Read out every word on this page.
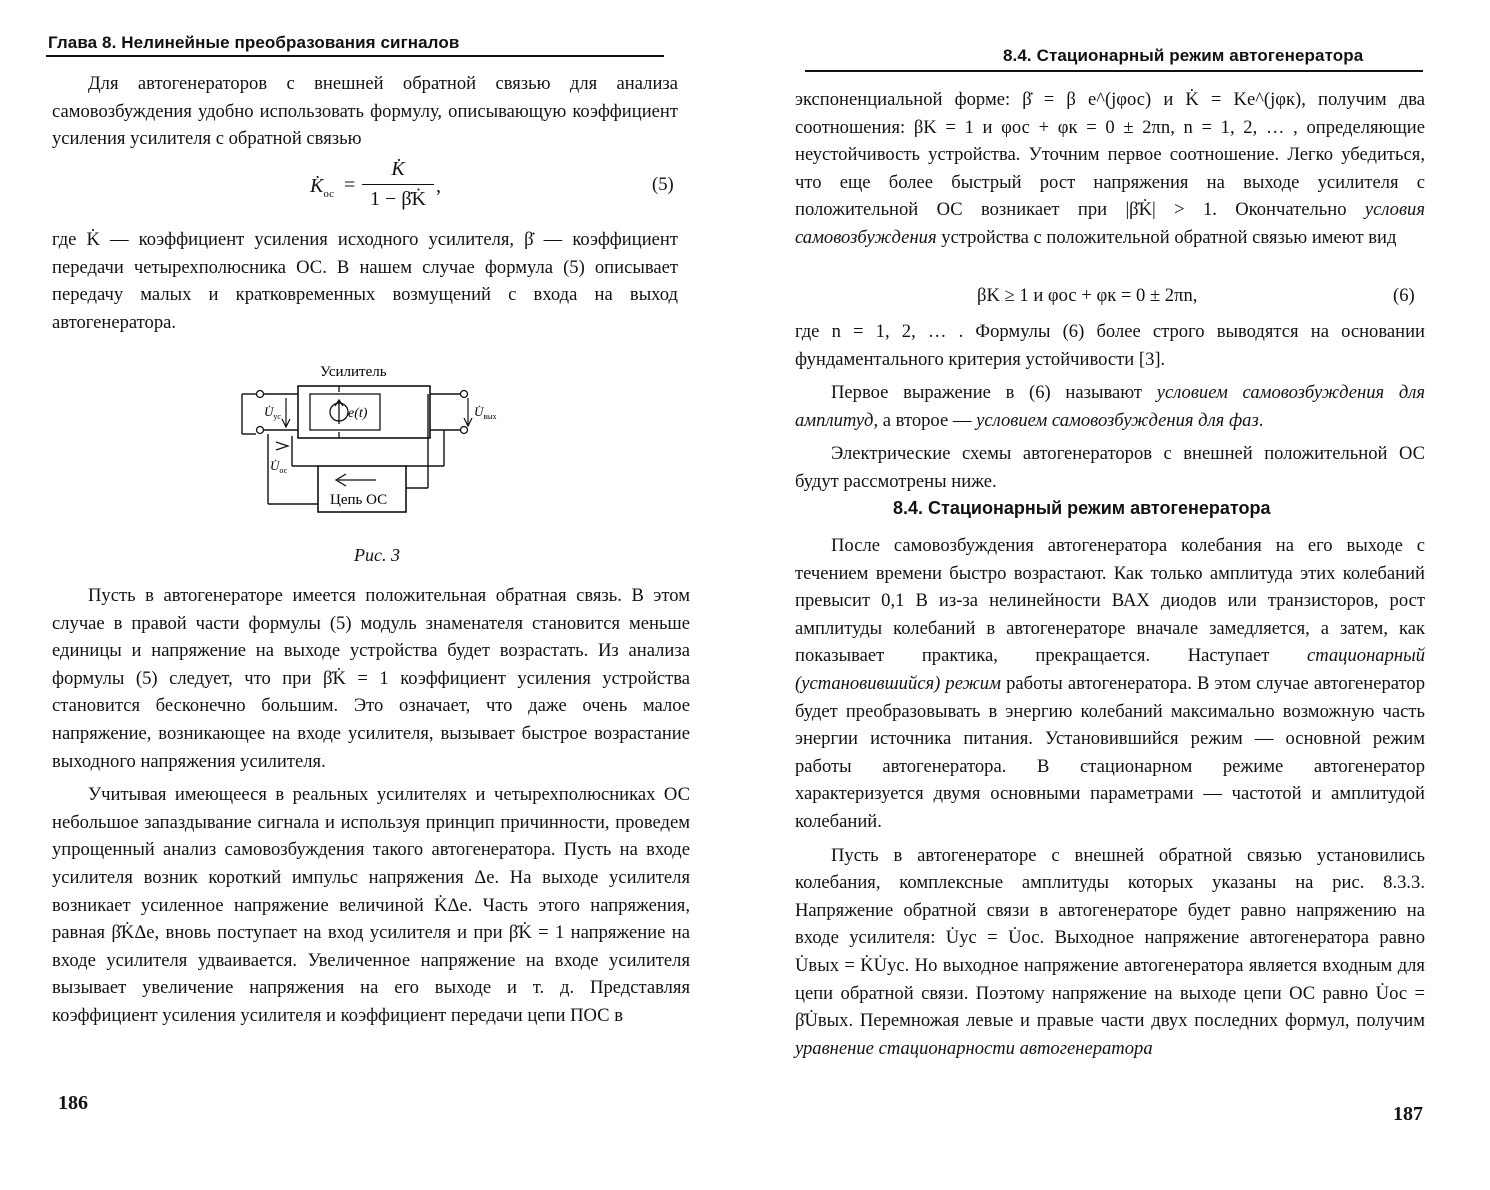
Глава 8. Нелинейные преобразования сигналов

Для автогенераторов с внешней обратной связью для анализа самовозбуждения удобно использовать формулу, описывающую коэффициент усиления усилителя с обратной связью

$K̇_{ос}$ =
K̇
1 − β̇K̇
,	(5)

где K̇ — коэффициент усиления исходного усилителя, β̇ — коэффициент передачи четырехполюсника ОС. В нашем случае формула (5) описывает передачу малых и кратковременных возмущений с входа на выход автогенератора.

Усилитель
e(t)
$U̇_{ус}$
$U̇_{ос}$
Цепь ОС
$U̇_{вых}$
Рис. 3

Пусть в автогенераторе имеется положительная обратная связь. В этом случае в правой части формулы (5) модуль знаменателя становится меньше единицы и напряжение на выходе устройства будет возрастать. Из анализа формулы (5) следует, что при β̇K̇ = 1 коэффициент усиления устройства становится бесконечно большим. Это означает, что даже очень малое напряжение, возникающее на входе усилителя, вызывает быстрое возрастание выходного напряжения усилителя.

Учитывая имеющееся в реальных усилителях и четырехполюсниках ОС небольшое запаздывание сигнала и используя принцип причинности, проведем упрощенный анализ самовозбуждения такого автогенератора. Пусть на входе усилителя возник короткий импульс напряжения Δe. На выходе усилителя возникает усиленное напряжение величиной K̇Δe. Часть этого напряжения, равная β̇K̇Δe, вновь поступает на вход усилителя и при β̇K̇ = 1 напряжение на входе усилителя удваивается. Увеличенное напряжение на входе усилителя вызывает увеличение напряжения на его выходе и т. д. Представляя коэффициент усиления усилителя и коэффициент передачи цепи ПОС в

186
8.4. Стационарный режим автогенератора

экспоненциальной форме: β̇ = β e^(jφос) и K̇ = Ke^(jφк), получим два соотношения: βK = 1 и φос + φк = 0 ± 2πn, n = 1, 2, … , определяющие неустойчивость устройства. Уточним первое соотношение. Легко убедиться, что еще более быстрый рост напряжения на выходе усилителя с положительной ОС возникает при |β̇K̇| > 1. Окончательно условия самовозбуждения устройства с положительной обратной связью имеют вид

βK ≥ 1 и φос + φк = 0 ± 2πn,	(6)

где n = 1, 2, … . Формулы (6) более строго выводятся на основании фундаментального критерия устойчивости [3].

Первое выражение в (6) называют условием самовозбуждения для амплитуд, а второе — условием самовозбуждения для фаз.

Электрические схемы автогенераторов с внешней положительной ОС будут рассмотрены ниже.

8.4. Стационарный режим автогенератора

После самовозбуждения автогенератора колебания на его выходе с течением времени быстро возрастают. Как только амплитуда этих колебаний превысит 0,1 В из-за нелинейности ВАХ диодов или транзисторов, рост амплитуды колебаний в автогенераторе вначале замедляется, а затем, как показывает практика, прекращается. Наступает стационарный (установившийся) режим работы автогенератора. В этом случае автогенератор будет преобразовывать в энергию колебаний максимально возможную часть энергии источника питания. Установившийся режим — основной режим работы автогенератора. В стационарном режиме автогенератор характеризуется двумя основными параметрами — частотой и амплитудой колебаний.

Пусть в автогенераторе с внешней обратной связью установились колебания, комплексные амплитуды которых указаны на рис. 8.3.3. Напряжение обратной связи в автогенераторе будет равно напряжению на входе усилителя: U̇ус = U̇ос. Выходное напряжение автогенератора равно U̇вых = K̇U̇ус. Но выходное напряжение автогенератора является входным для цепи обратной связи. Поэтому напряжение на выходе цепи ОС равно U̇ос = β̇U̇вых. Перемножая левые и правые части двух последних формул, получим уравнение стационарности автогенератора

187
